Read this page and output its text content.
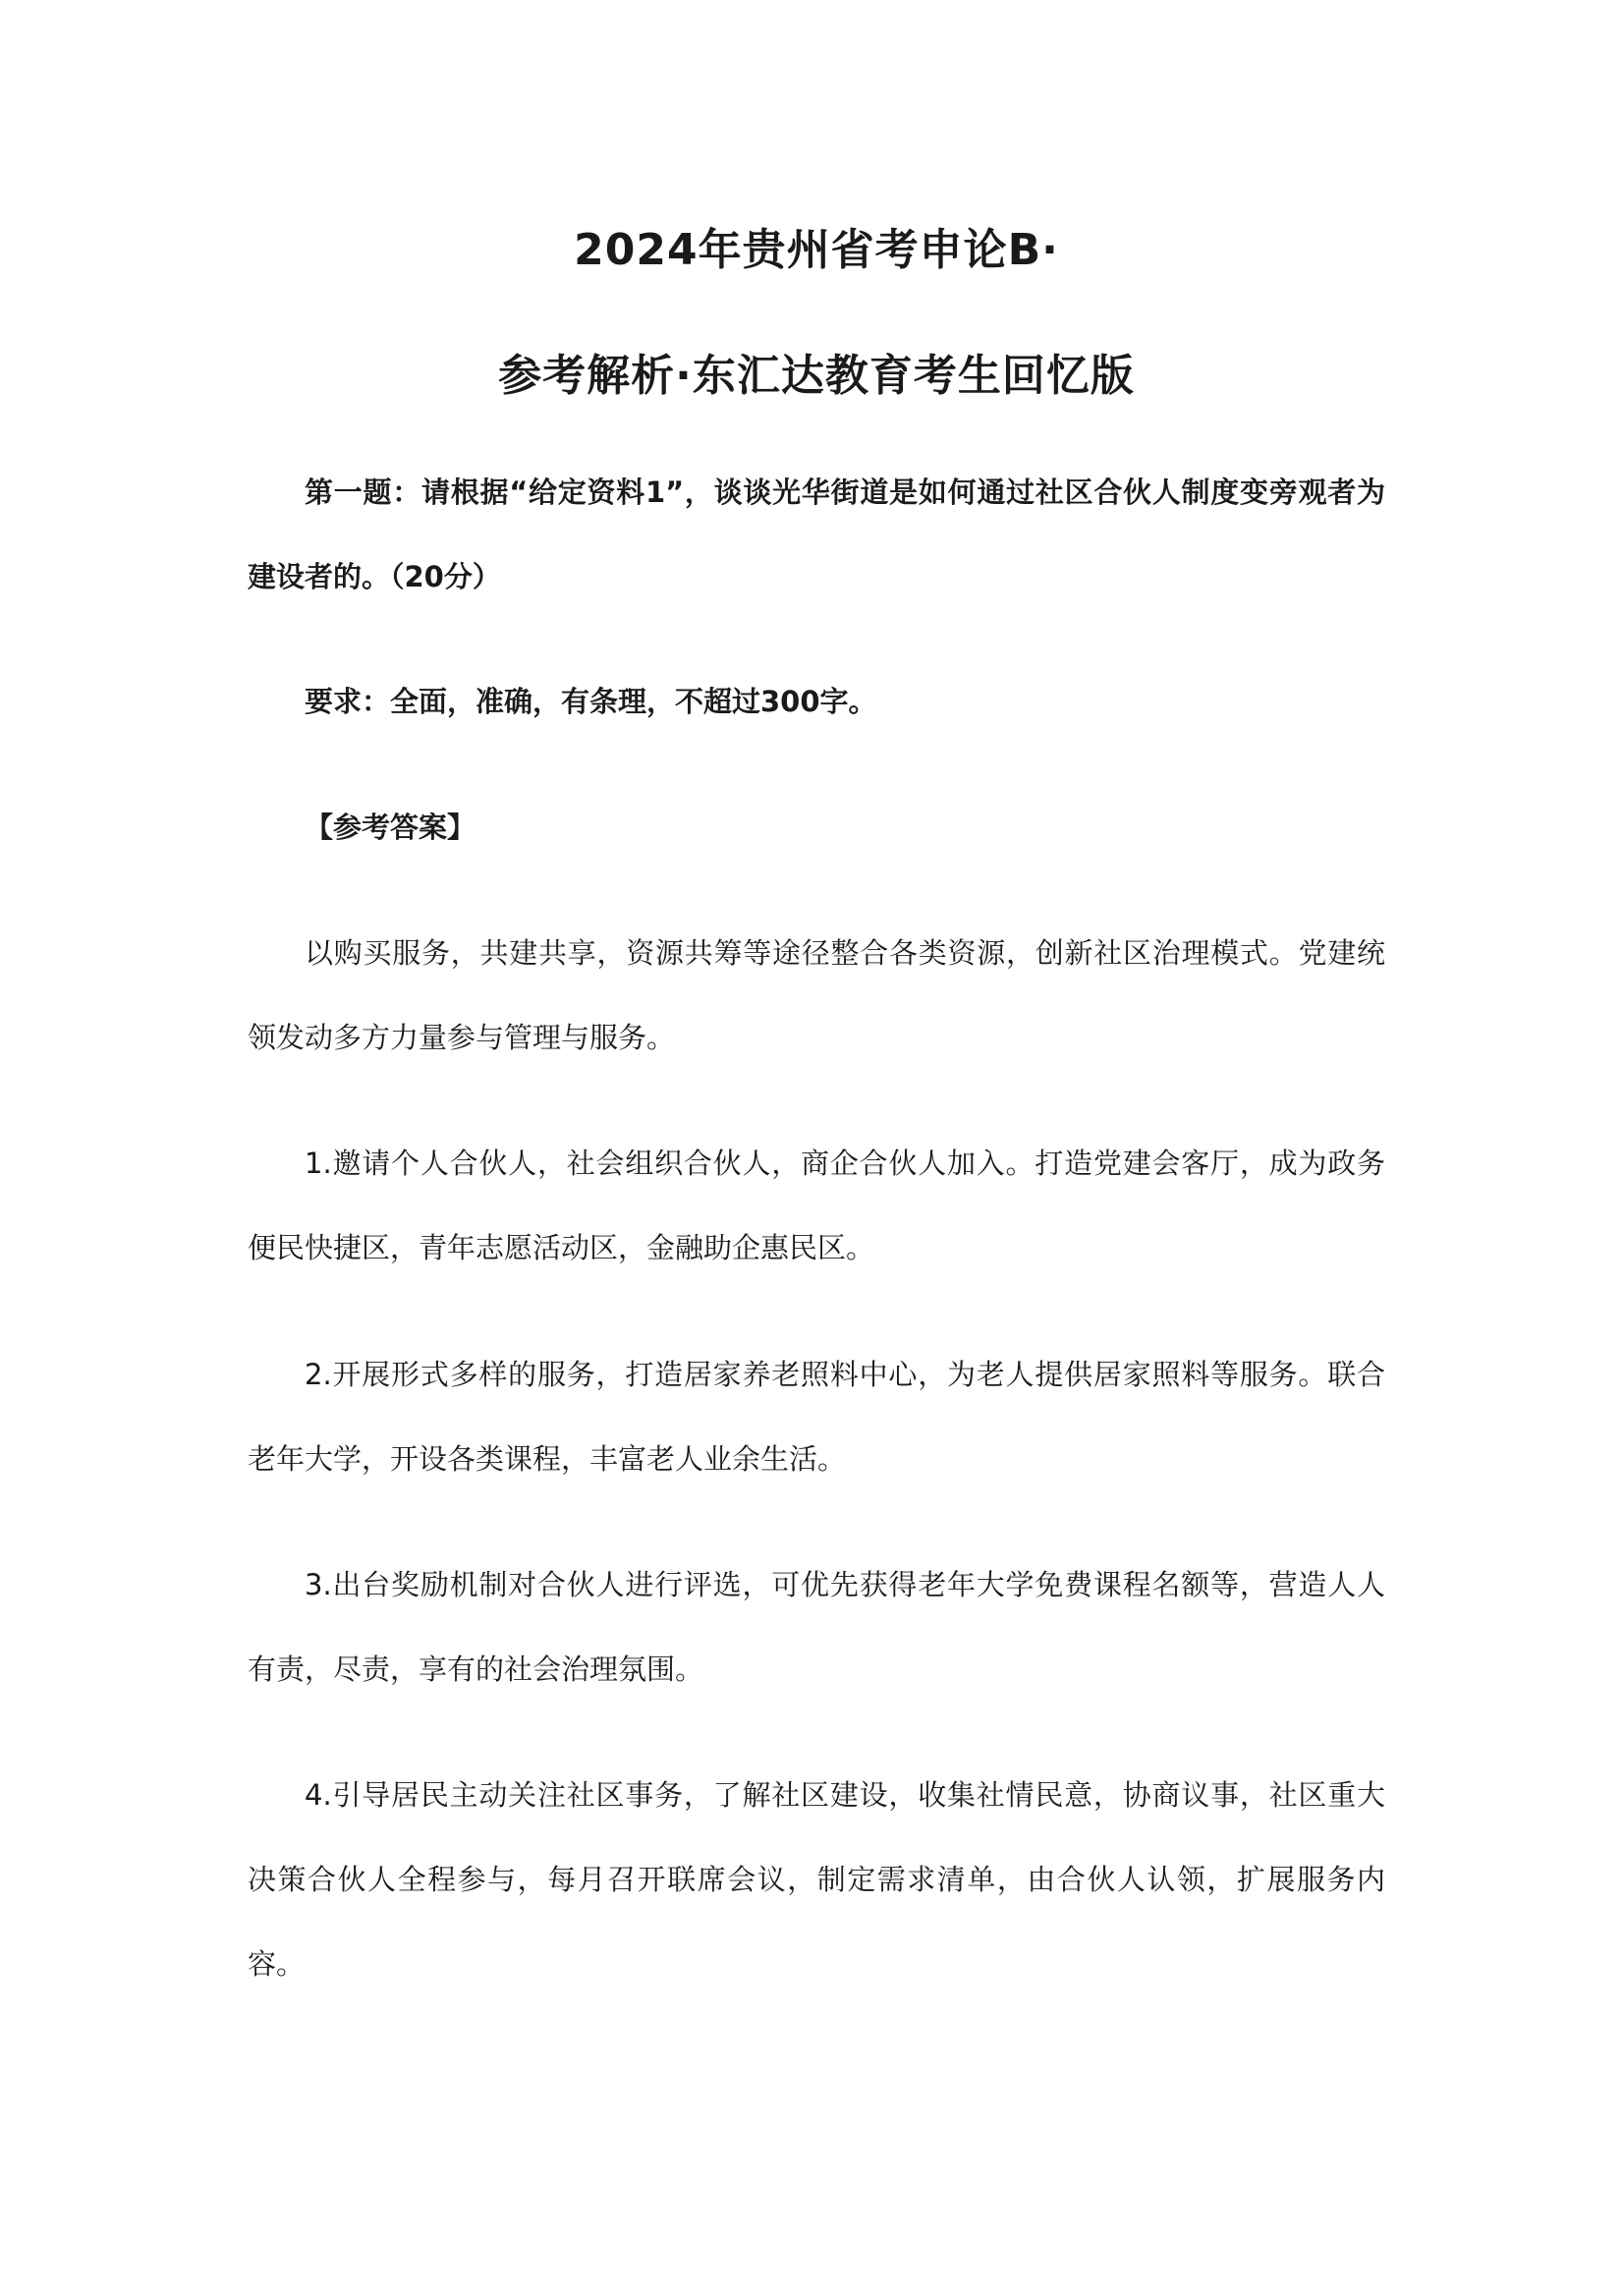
2024年贵州省考申论B·
参考解析·东汇达教育考生回忆版

第一题：请根据“给定资料1”，谈谈光华街道是如何通过社区合伙人制度变旁观者为建设者的。（20分）

要求：全面，准确，有条理，不超过300字。

【参考答案】

以购买服务，共建共享，资源共筹等途径整合各类资源，创新社区治理模式。党建统领发动多方力量参与管理与服务。

1.邀请个人合伙人，社会组织合伙人，商企合伙人加入。打造党建会客厅，成为政务便民快捷区，青年志愿活动区，金融助企惠民区。

2.开展形式多样的服务，打造居家养老照料中心，为老人提供居家照料等服务。联合老年大学，开设各类课程，丰富老人业余生活。

3.出台奖励机制对合伙人进行评选，可优先获得老年大学免费课程名额等，营造人人有责，尽责，享有的社会治理氛围。

4.引导居民主动关注社区事务，了解社区建设，收集社情民意，协商议事，社区重大决策合伙人全程参与，每月召开联席会议，制定需求清单，由合伙人认领，扩展服务内容。
